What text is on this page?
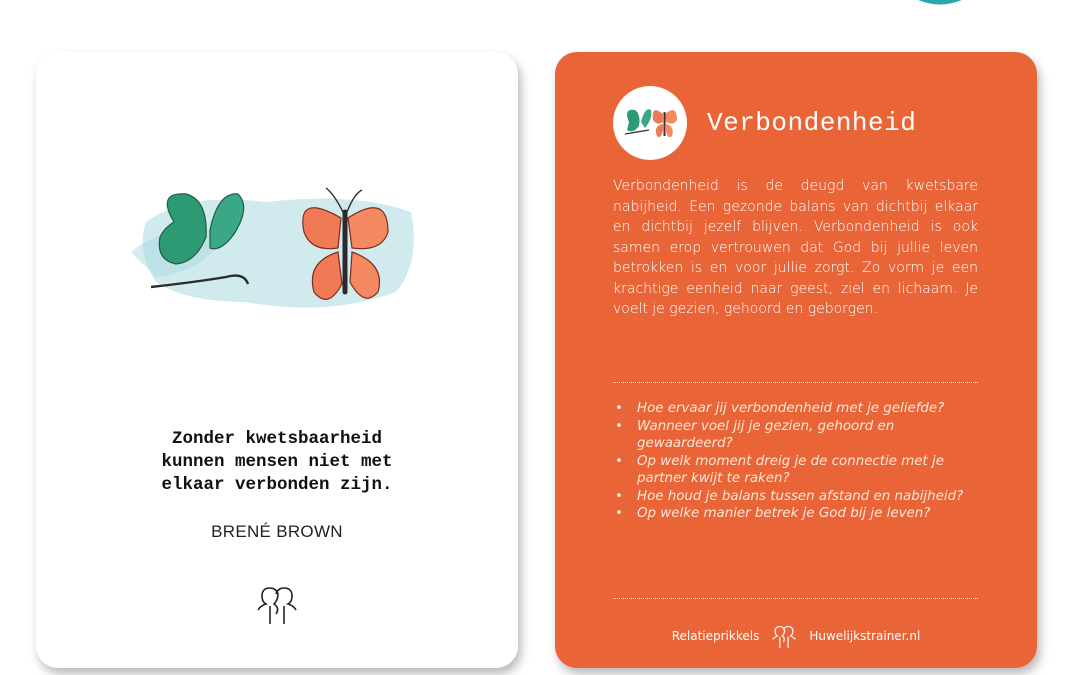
Zonder kwetsbaarheid
kunnen mensen niet met
elkaar verbonden zijn.
BRENÉ BROWN
Verbondenheid
Verbondenheid is de deugd van kwetsbare nabijheid. Een gezonde balans van dichtbij elkaar en dichtbij jezelf blijven. Verbondenheid is ook samen erop vertrouwen dat God bij jullie leven betrokken is en voor jullie zorgt. Zo vorm je een krachtige eenheid naar geest, ziel en lichaam. Je voelt je gezien, gehoord en geborgen.
• Hoe ervaar jij verbondenheid met je geliefde?
• Wanneer voel jij je gezien, gehoord en gewaardeerd?
• Op welk moment dreig je de connectie met je partner kwijt te raken?
• Hoe houd je balans tussen afstand en nabijheid?
• Op welke manier betrek je God bij je leven?
Relatieprikkels	Huwelijkstrainer.nl
